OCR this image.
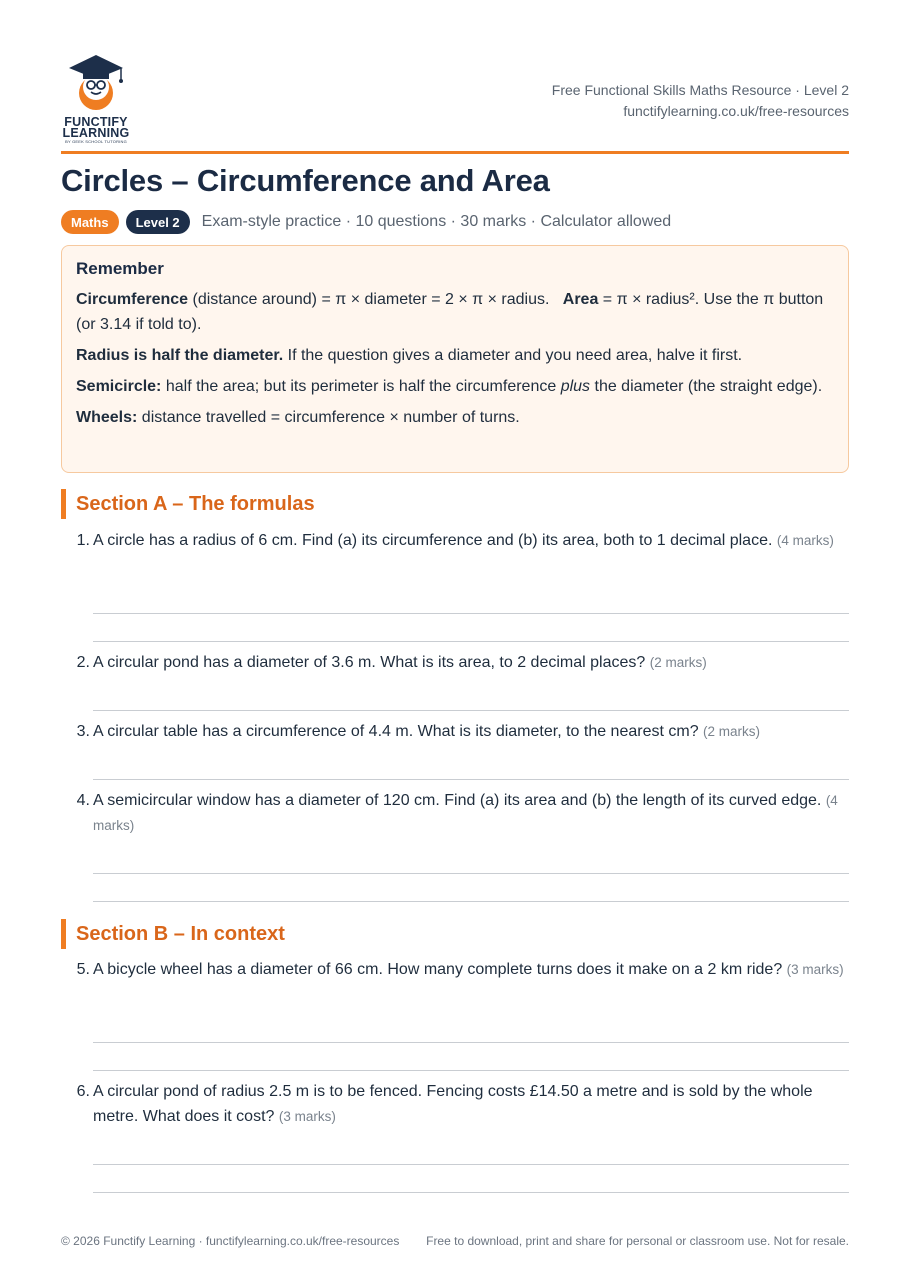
FUNCTIFY
LEARNING
BY GEEK SCHOOL TUTORING
Free Functional Skills Maths Resource · Level 2
functifylearning.co.uk/free-resources
Circles – Circumference and Area
Maths	Level 2	Exam-style practice · 10 questions · 30 marks · Calculator allowed
Remember

Circumference (distance around) = π × diameter = 2 × π × radius.   Area = π × radius². Use the π button (or 3.14 if told to).

Radius is half the diameter. If the question gives a diameter and you need area, halve it first.

Semicircle: half the area; but its perimeter is half the circumference plus the diameter (the straight edge).

Wheels: distance travelled = circumference × number of turns.

Section A – The formulas
1. A circle has a radius of 6 cm. Find (a) its circumference and (b) its area, both to 1 decimal place. (4 marks)
2. A circular pond has a diameter of 3.6 m. What is its area, to 2 decimal places? (2 marks)
3. A circular table has a circumference of 4.4 m. What is its diameter, to the nearest cm? (2 marks)
4. A semicircular window has a diameter of 120 cm. Find (a) its area and (b) the length of its curved edge. (4 marks)
Section B – In context
5. A bicycle wheel has a diameter of 66 cm. How many complete turns does it make on a 2 km ride? (3 marks)
6. A circular pond of radius 2.5 m is to be fenced. Fencing costs £14.50 a metre and is sold by the whole metre. What does it cost? (3 marks)
© 2026 Functify Learning · functifylearning.co.uk/free-resources	Free to download, print and share for personal or classroom use. Not for resale.
